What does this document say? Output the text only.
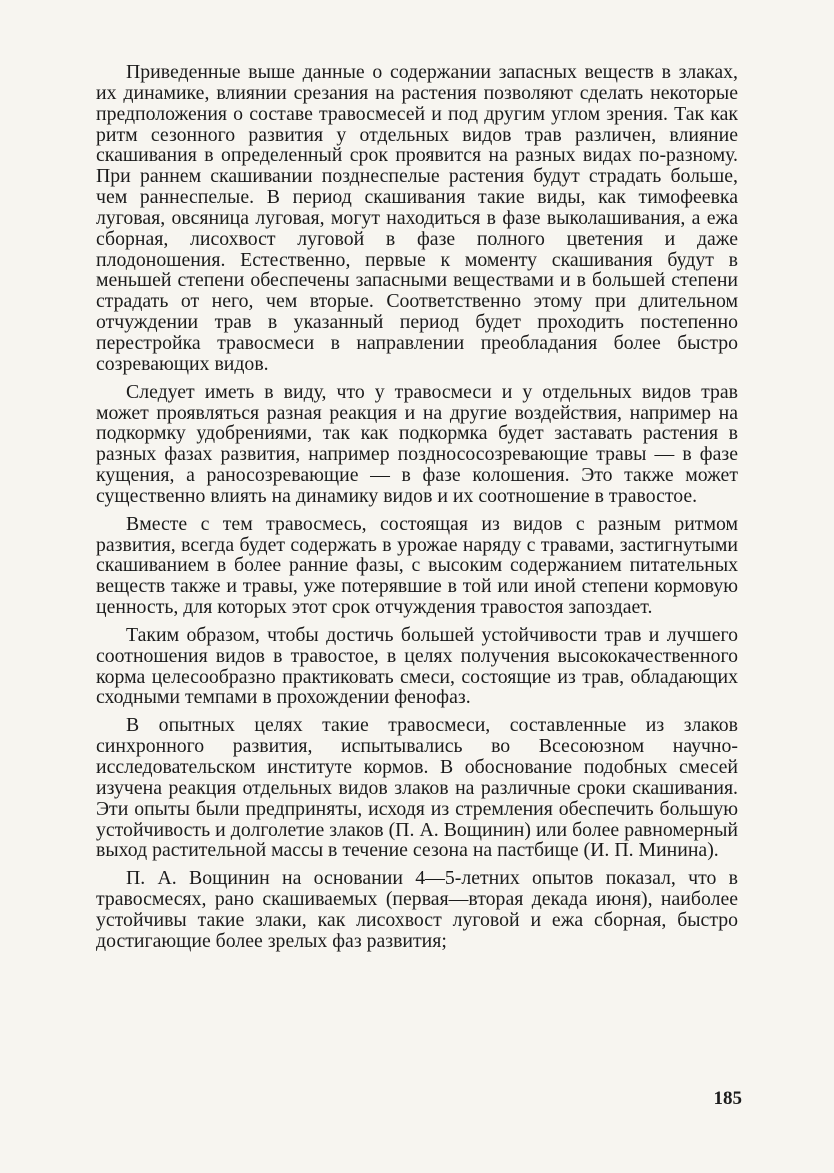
Приведенные выше данные о содержании запасных веществ в злаках, их динамике, влиянии срезания на растения позволяют сделать некоторые предположения о составе травосмесей и под другим углом зрения. Так как ритм сезонного развития у отдельных видов трав различен, влияние скашивания в определенный срок проявится на разных видах по-разному. При раннем скашивании позднеспелые растения будут страдать больше, чем раннеспелые. В период скашивания такие виды, как тимофеевка луговая, овсяница луговая, могут находиться в фазе выколашивания, а ежа сборная, лисохвост луговой в фазе полного цветения и даже плодоношения. Естественно, первые к моменту скашивания будут в меньшей степени обеспечены запасными веществами и в большей степени страдать от него, чем вторые. Соответственно этому при длительном отчуждении трав в указанный период будет проходить постепенно перестройка травосмеси в направлении преобладания более быстро созревающих видов.

Следует иметь в виду, что у травосмеси и у отдельных видов трав может проявляться разная реакция и на другие воздействия, например на подкормку удобрениями, так как подкормка будет заставать растения в разных фазах развития, например позднососозревающие травы — в фазе кущения, а раносозревающие — в фазе колошения. Это также может существенно влиять на динамику видов и их соотношение в травостое.

Вместе с тем травосмесь, состоящая из видов с разным ритмом развития, всегда будет содержать в урожае наряду с травами, застигнутыми скашиванием в более ранние фазы, с высоким содержанием питательных веществ также и травы, уже потерявшие в той или иной степени кормовую ценность, для которых этот срок отчуждения травостоя запоздает.

Таким образом, чтобы достичь большей устойчивости трав и лучшего соотношения видов в травостое, в целях получения высококачественного корма целесообразно практиковать смеси, состоящие из трав, обладающих сходными темпами в прохождении фенофаз.

В опытных целях такие травосмеси, составленные из злаков синхронного развития, испытывались во Всесоюзном научно-исследовательском институте кормов. В обоснование подобных смесей изучена реакция отдельных видов злаков на различные сроки скашивания. Эти опыты были предприняты, исходя из стремления обеспечить большую устойчивость и долголетие злаков (П. А. Вощинин) или более равномерный выход растительной массы в течение сезона на пастбище (И. П. Минина).

П. А. Вощинин на основании 4—5-летних опытов показал, что в травосмесях, рано скашиваемых (первая—вторая декада июня), наиболее устойчивы такие злаки, как лисохвост луговой и ежа сборная, быстро достигающие более зрелых фаз развития;

185
